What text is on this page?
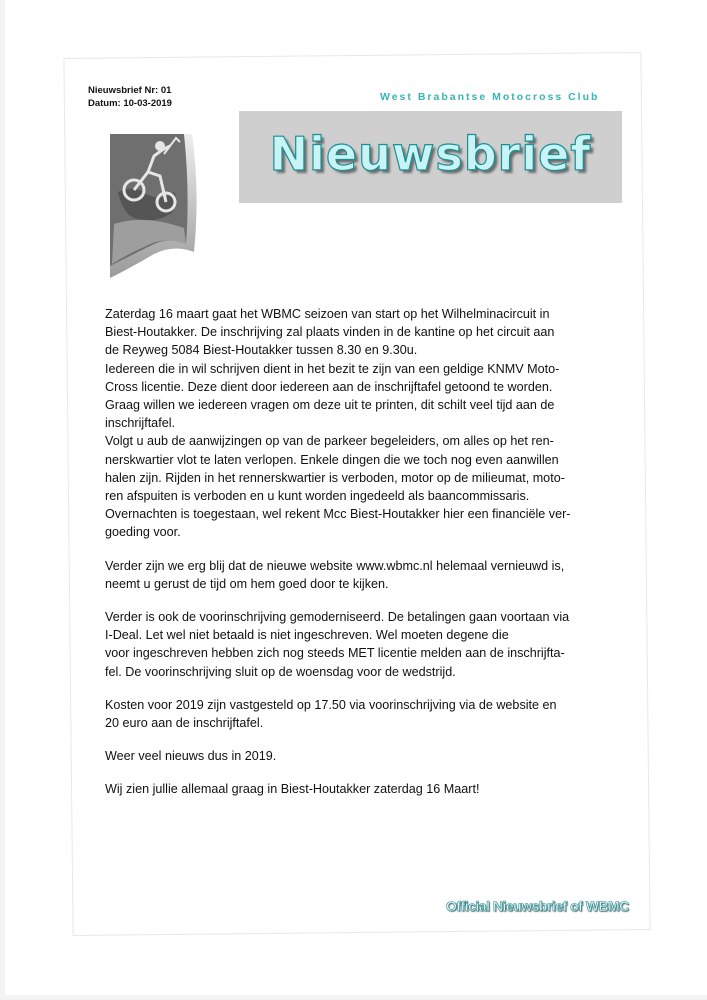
Nieuwsbrief Nr: 01
Datum: 10-03-2019
West Brabantse Motocross Club
Nieuwsbrief

Zaterdag 16 maart gaat het WBMC seizoen van start op het Wilhelminacircuit in
Biest-Houtakker. De inschrijving zal plaats vinden in de kantine op het circuit aan
de Reyweg 5084 Biest-Houtakker tussen 8.30 en 9.30u.
Iedereen die in wil schrijven dient in het bezit te zijn van een geldige KNMV Moto-
Cross licentie. Deze dient door iedereen aan de inschrijftafel getoond te worden.
Graag willen we iedereen vragen om deze uit te printen, dit schilt veel tijd aan de
inschrijftafel.
Volgt u aub de aanwijzingen op van de parkeer begeleiders, om alles op het ren-
nerskwartier vlot te laten verlopen. Enkele dingen die we toch nog even aanwillen
halen zijn. Rijden in het rennerskwartier is verboden, motor op de milieumat, moto-
ren afspuiten is verboden en u kunt worden ingedeeld als baancommissaris.
Overnachten is toegestaan, wel rekent Mcc Biest-Houtakker hier een financiële ver-
goeding voor.

Verder zijn we erg blij dat de nieuwe website www.wbmc.nl helemaal vernieuwd is,
neemt u gerust de tijd om hem goed door te kijken.

Verder is ook de voorinschrijving gemoderniseerd. De betalingen gaan voortaan via
I-Deal. Let wel niet betaald is niet ingeschreven. Wel moeten degene die
voor ingeschreven hebben zich nog steeds MET licentie melden aan de inschrijfta-
fel. De voorinschrijving sluit op de woensdag voor de wedstrijd.

Kosten voor 2019 zijn vastgesteld op 17.50 via voorinschrijving via de website en
20 euro aan de inschrijftafel.

Weer veel nieuws dus in 2019.

Wij zien jullie allemaal graag in Biest-Houtakker zaterdag 16 Maart!

Official Nieuwsbrief of WBMC
